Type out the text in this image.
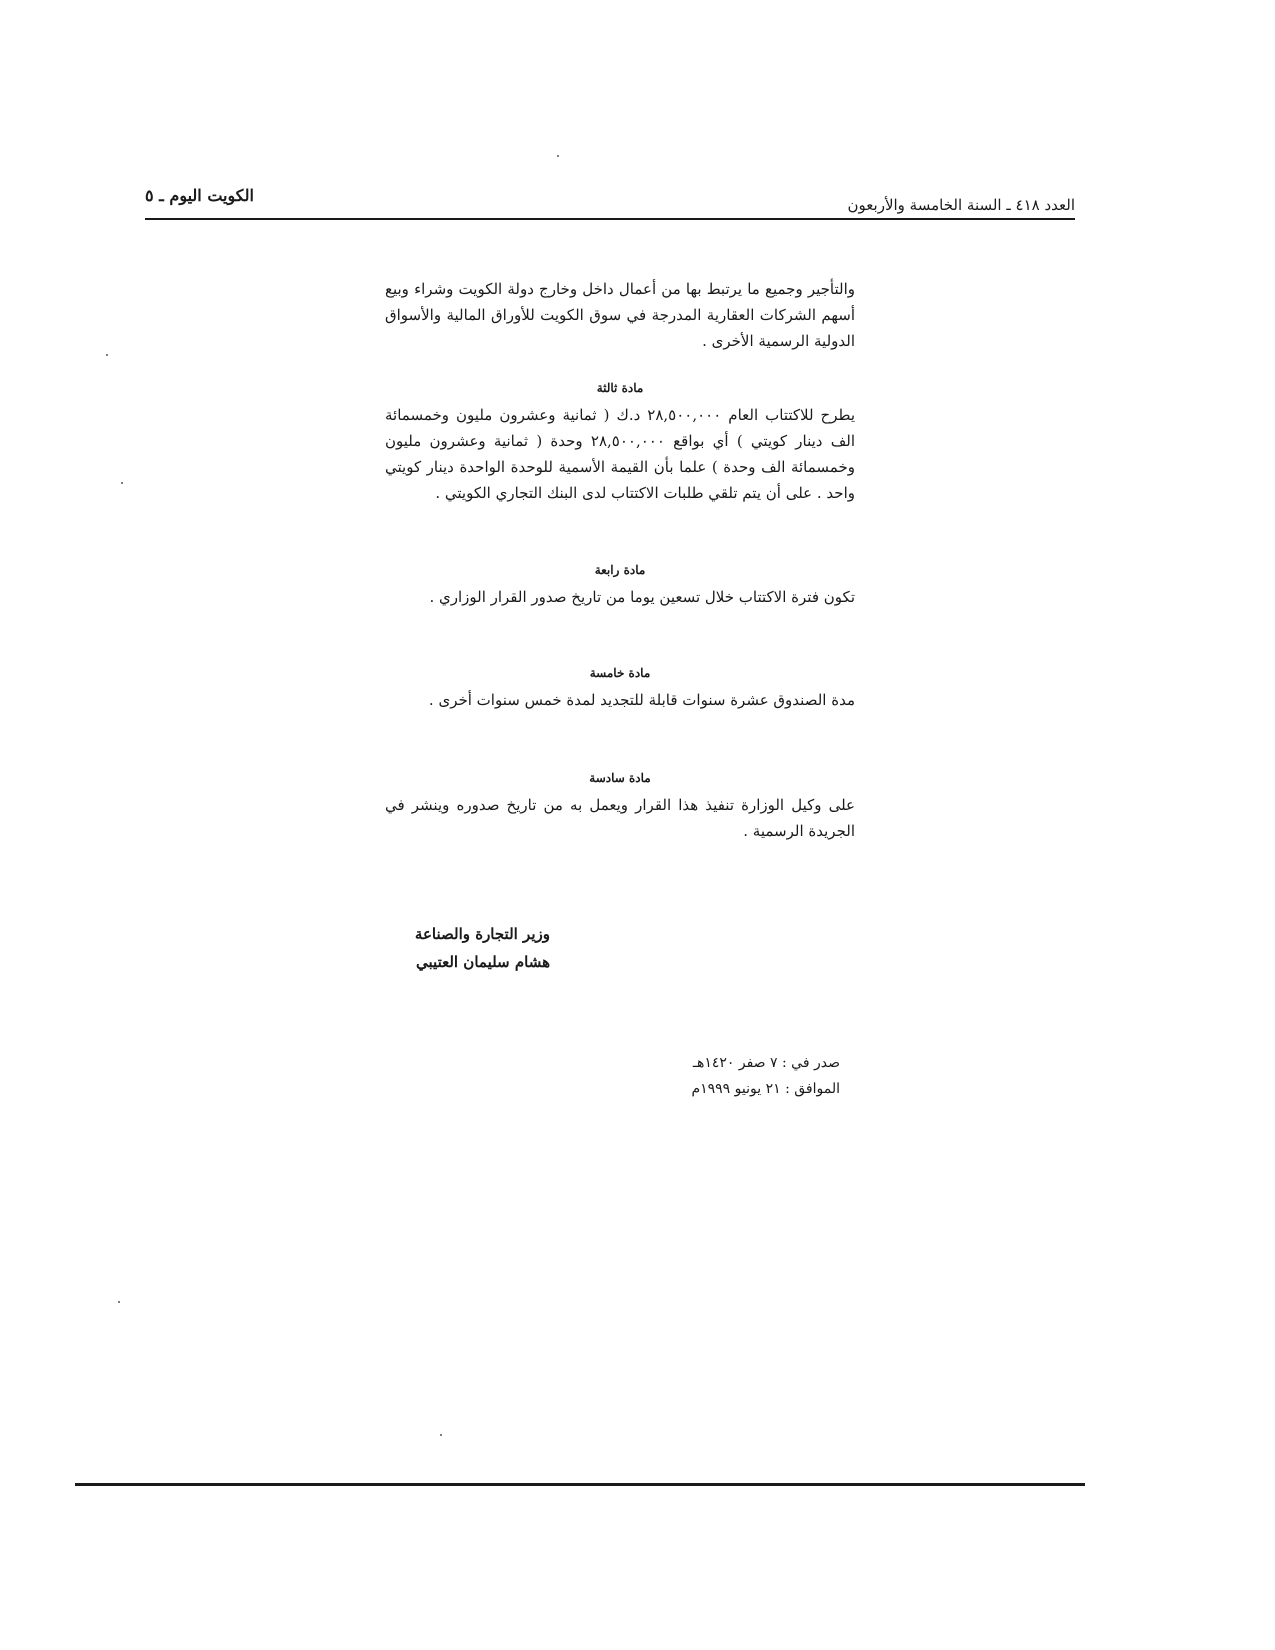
الكويت اليوم ـ ٥	العدد ٤١٨ ـ السنة الخامسة والأربعون
والتأجير وجميع ما يرتبط بها من أعمال داخل وخارج دولة الكويت وشراء وبيع أسهم الشركات العقارية المدرجة في سوق الكويت للأوراق المالية والأسواق الدولية الرسمية الأخرى .
مادة ثالثة
يطرح للاكتتاب العام ٢٨,٥٠٠,٠٠٠ د.ك ( ثمانية وعشرون مليون وخمسمائة الف دينار كويتي ) أي بواقع ٢٨,٥٠٠,٠٠٠ وحدة ( ثمانية وعشرون مليون وخمسمائة الف وحدة ) علما بأن القيمة الأسمية للوحدة الواحدة دينار كويتي واحد . على أن يتم تلقي طلبات الاكتتاب لدى البنك التجاري الكويتي .
مادة رابعة
تكون فترة الاكتتاب خلال تسعين يوما من تاريخ صدور القرار الوزاري .
مادة خامسة
مدة الصندوق عشرة سنوات قابلة للتجديد لمدة خمس سنوات أخرى .
مادة سادسة
على وكيل الوزارة تنفيذ هذا القرار ويعمل به من تاريخ صدوره وينشر في الجريدة الرسمية .
وزير التجارة والصناعة
هشام سليمان العتيبي
صدر في : ٧ صفر ١٤٢٠هـ
الموافق : ٢١ يونيو ١٩٩٩م
